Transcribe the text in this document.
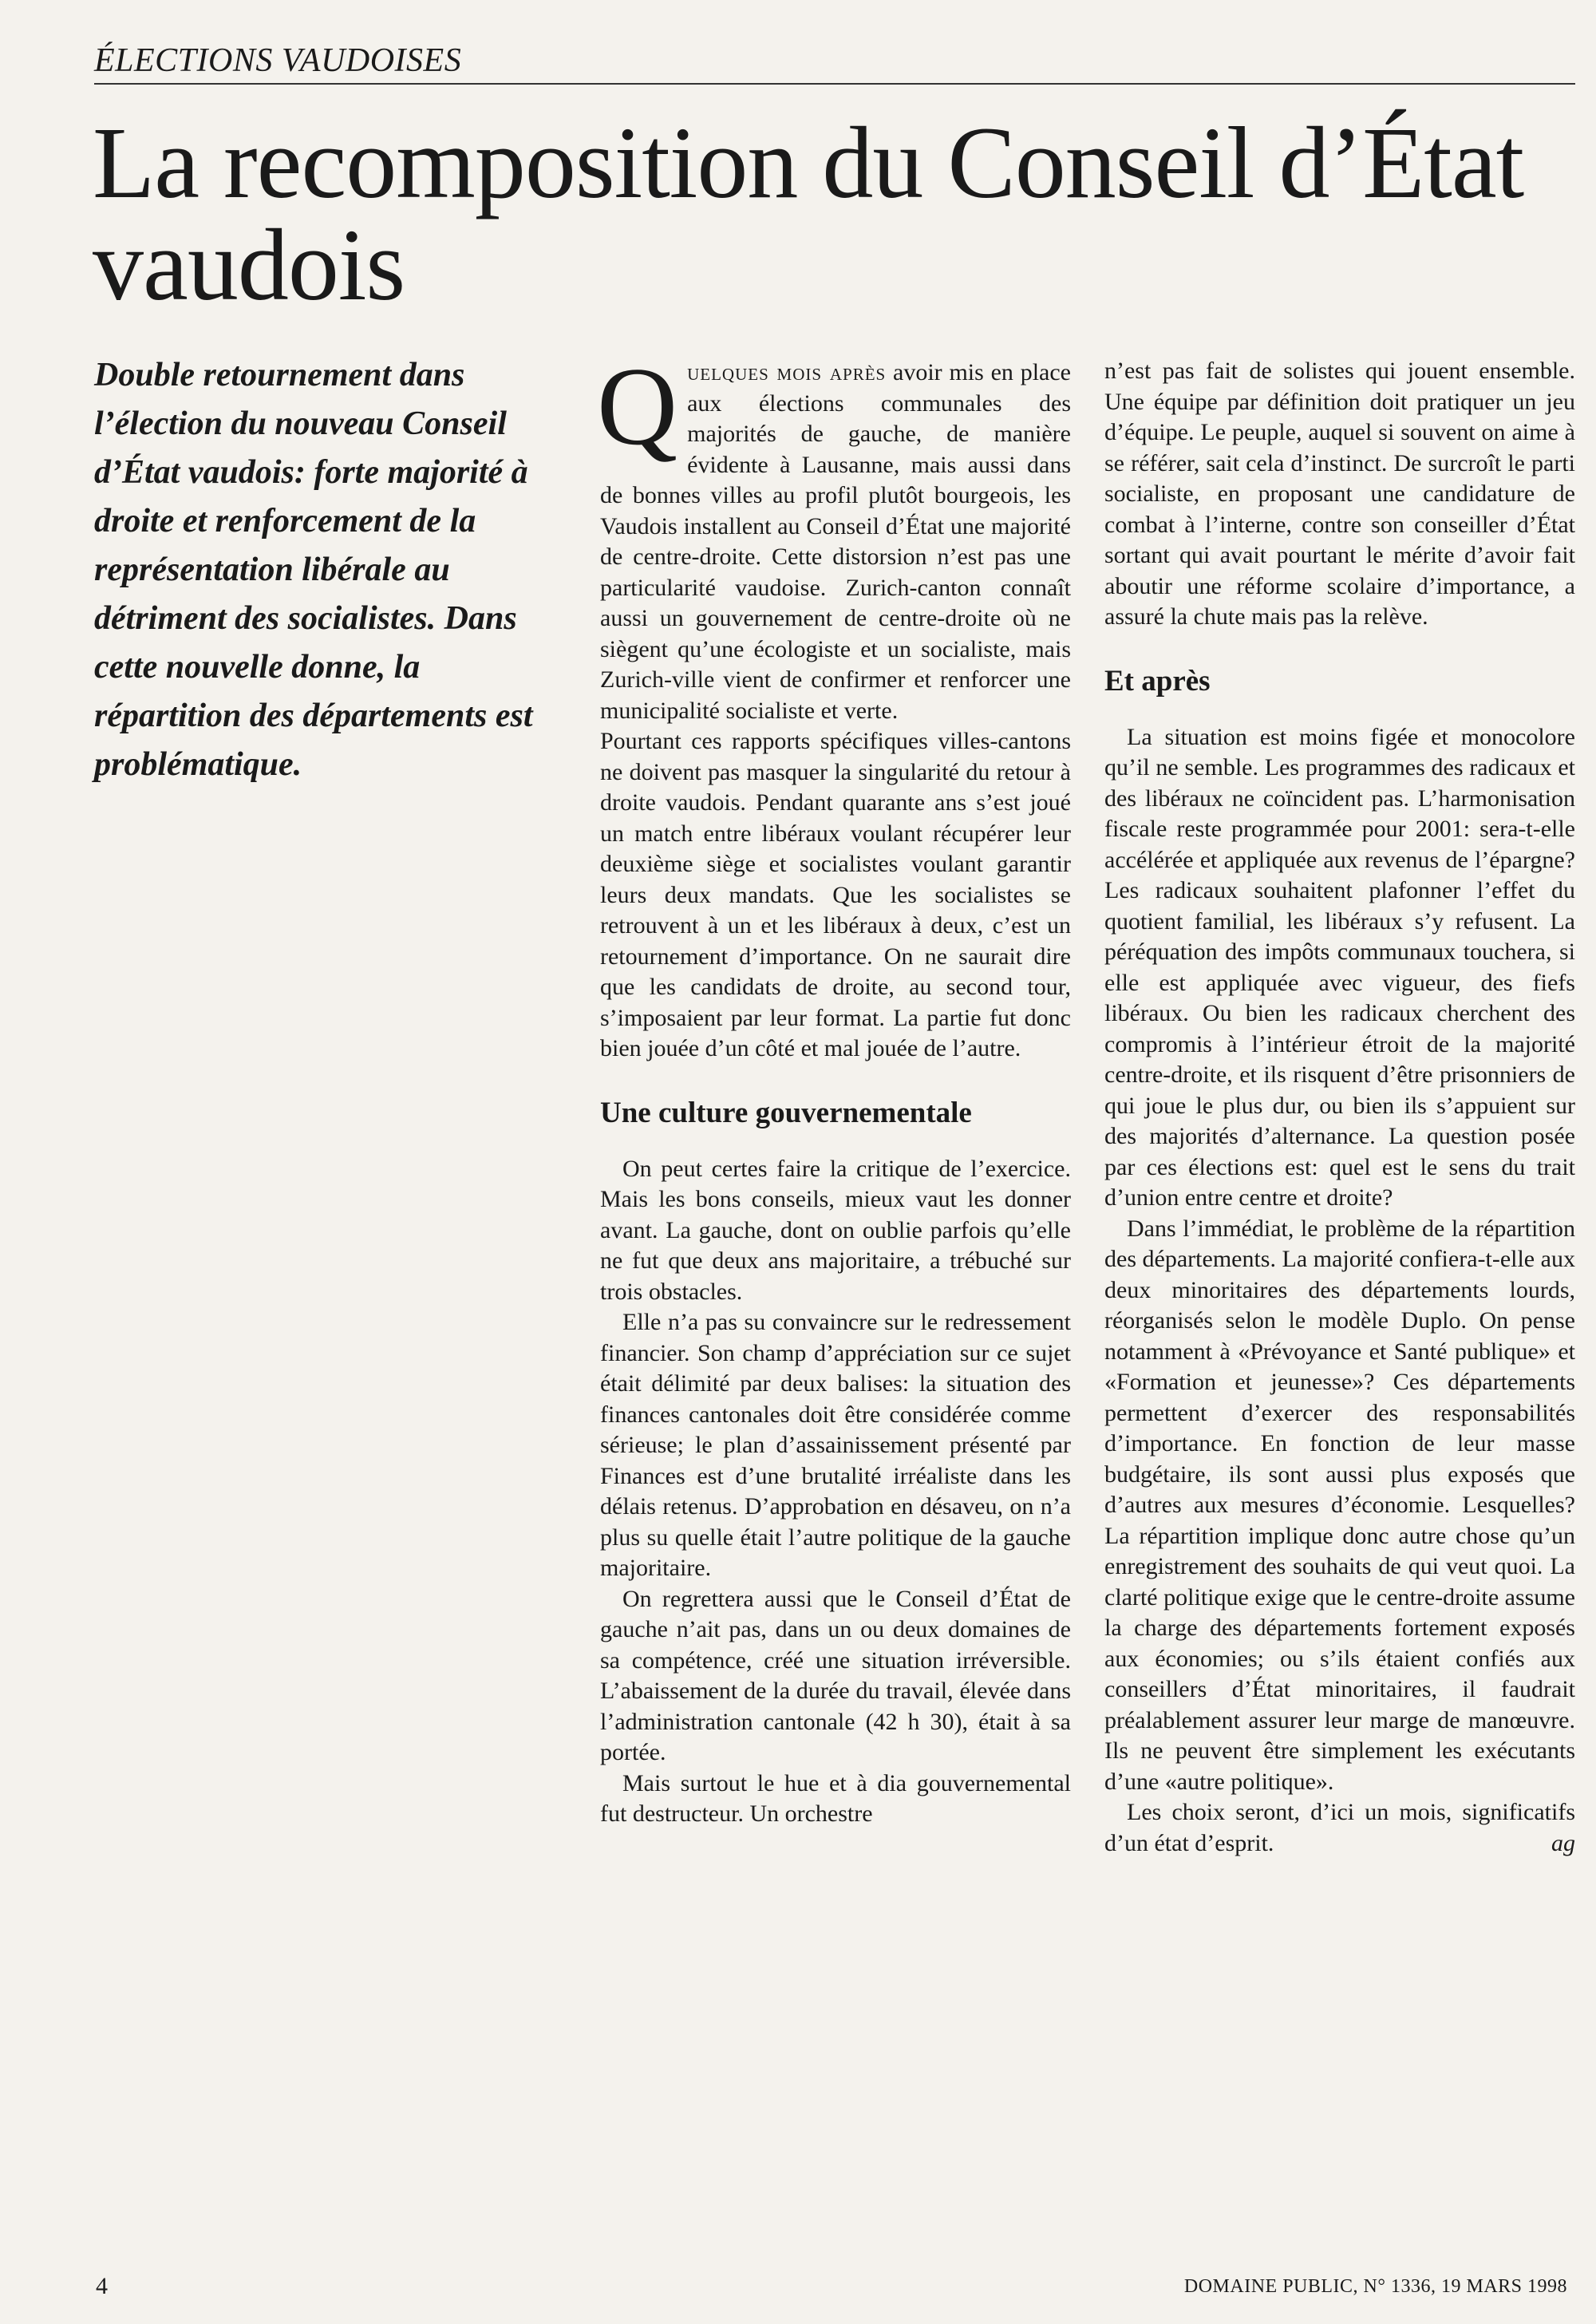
ÉLECTIONS VAUDOISES
La recomposition du Conseil d’État vaudois
Double retournement dans l’élection du nouveau Conseil d’État vaudois: forte majorité à droite et renforcement de la représentation libérale au détriment des socialistes. Dans cette nouvelle donne, la répartition des départements est problématique.

Quelques mois après avoir mis en place aux élections communales des majorités de gauche, de manière évidente à Lausanne, mais aussi dans de bonnes villes au profil plutôt bourgeois, les Vaudois installent au Conseil d’État une majorité de centre-droite. Cette distorsion n’est pas une particularité vaudoise. Zurich-canton connaît aussi un gouvernement de centre-droite où ne siègent qu’une écologiste et un socialiste, mais Zurich-ville vient de confirmer et renforcer une municipalité socialiste et verte.

Pourtant ces rapports spécifiques villes-cantons ne doivent pas masquer la singularité du retour à droite vaudois. Pendant quarante ans s’est joué un match entre libéraux voulant récupérer leur deuxième siège et socialistes voulant garantir leurs deux mandats. Que les socialistes se retrouvent à un et les libéraux à deux, c’est un retournement d’importance. On ne saurait dire que les candidats de droite, au second tour, s’imposaient par leur format. La partie fut donc bien jouée d’un côté et mal jouée de l’autre.

Une culture gouvernementale

On peut certes faire la critique de l’exercice. Mais les bons conseils, mieux vaut les donner avant. La gauche, dont on oublie parfois qu’elle ne fut que deux ans majoritaire, a trébuché sur trois obstacles.

Elle n’a pas su convaincre sur le redressement financier. Son champ d’appréciation sur ce sujet était délimité par deux balises: la situation des finances cantonales doit être considérée comme sérieuse; le plan d’assainissement présenté par Finances est d’une brutalité irréaliste dans les délais retenus. D’approbation en désaveu, on n’a plus su quelle était l’autre politique de la gauche majoritaire.

On regrettera aussi que le Conseil d’État de gauche n’ait pas, dans un ou deux domaines de sa compétence, créé une situation irréversible. L’abaissement de la durée du travail, élevée dans l’administration cantonale (42 h 30), était à sa portée.

Mais surtout le hue et à dia gouvernemental fut destructeur. Un orchestre

n’est pas fait de solistes qui jouent ensemble. Une équipe par définition doit pratiquer un jeu d’équipe. Le peuple, auquel si souvent on aime à se référer, sait cela d’instinct. De surcroît le parti socialiste, en proposant une candidature de combat à l’interne, contre son conseiller d’État sortant qui avait pourtant le mérite d’avoir fait aboutir une réforme scolaire d’importance, a assuré la chute mais pas la relève.

Et après

La situation est moins figée et monocolore qu’il ne semble. Les programmes des radicaux et des libéraux ne coïncident pas. L’harmonisation fiscale reste programmée pour 2001: sera-t-elle accélérée et appliquée aux revenus de l’épargne? Les radicaux souhaitent plafonner l’effet du quotient familial, les libéraux s’y refusent. La péréquation des impôts communaux touchera, si elle est appliquée avec vigueur, des fiefs libéraux. Ou bien les radicaux cherchent des compromis à l’intérieur étroit de la majorité centre-droite, et ils risquent d’être prisonniers de qui joue le plus dur, ou bien ils s’appuient sur des majorités d’alternance. La question posée par ces élections est: quel est le sens du trait d’union entre centre et droite?

Dans l’immédiat, le problème de la répartition des départements. La majorité confiera-t-elle aux deux minoritaires des départements lourds, réorganisés selon le modèle Duplo. On pense notamment à «Prévoyance et Santé publique» et «Formation et jeunesse»? Ces départements permettent d’exercer des responsabilités d’importance. En fonction de leur masse budgétaire, ils sont aussi plus exposés que d’autres aux mesures d’économie. Lesquelles? La répartition implique donc autre chose qu’un enregistrement des souhaits de qui veut quoi. La clarté politique exige que le centre-droite assume la charge des départements fortement exposés aux économies; ou s’ils étaient confiés aux conseillers d’État minoritaires, il faudrait préalablement assurer leur marge de manœuvre. Ils ne peuvent être simplement les exécutants d’une «autre politique».

Les choix seront, d’ici un mois, significatifs d’un état d’esprit.	ag

4	DOMAINE PUBLIC, N° 1336, 19 MARS 1998
